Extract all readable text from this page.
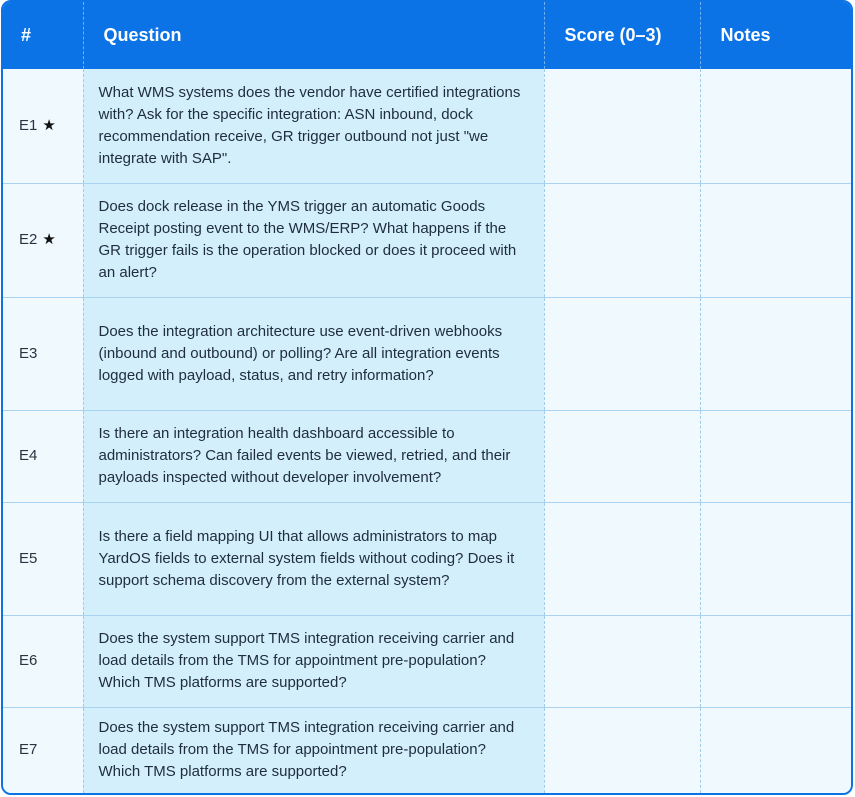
#	Question	Score (0–3)	Notes
E1 ★	What WMS systems does the vendor have certified integrations with? Ask for the specific integration: ASN inbound, dock recommendation receive, GR trigger outbound not just "we integrate with SAP".		
E2 ★	Does dock release in the YMS trigger an automatic Goods Receipt posting event to the WMS/ERP? What happens if the GR trigger fails is the operation blocked or does it proceed with an alert?		
E3	Does the integration architecture use event-driven webhooks (inbound and outbound) or polling? Are all integration events logged with payload, status, and retry information?		
E4	Is there an integration health dashboard accessible to administrators? Can failed events be viewed, retried, and their payloads inspected without developer involvement?		
E5	Is there a field mapping UI that allows administrators to map YardOS fields to external system fields without coding? Does it support schema discovery from the external system?		
E6	Does the system support TMS integration receiving carrier and load details from the TMS for appointment pre-population? Which TMS platforms are supported?		
E7	Does the system support TMS integration receiving carrier and load details from the TMS for appointment pre-population? Which TMS platforms are supported?		
